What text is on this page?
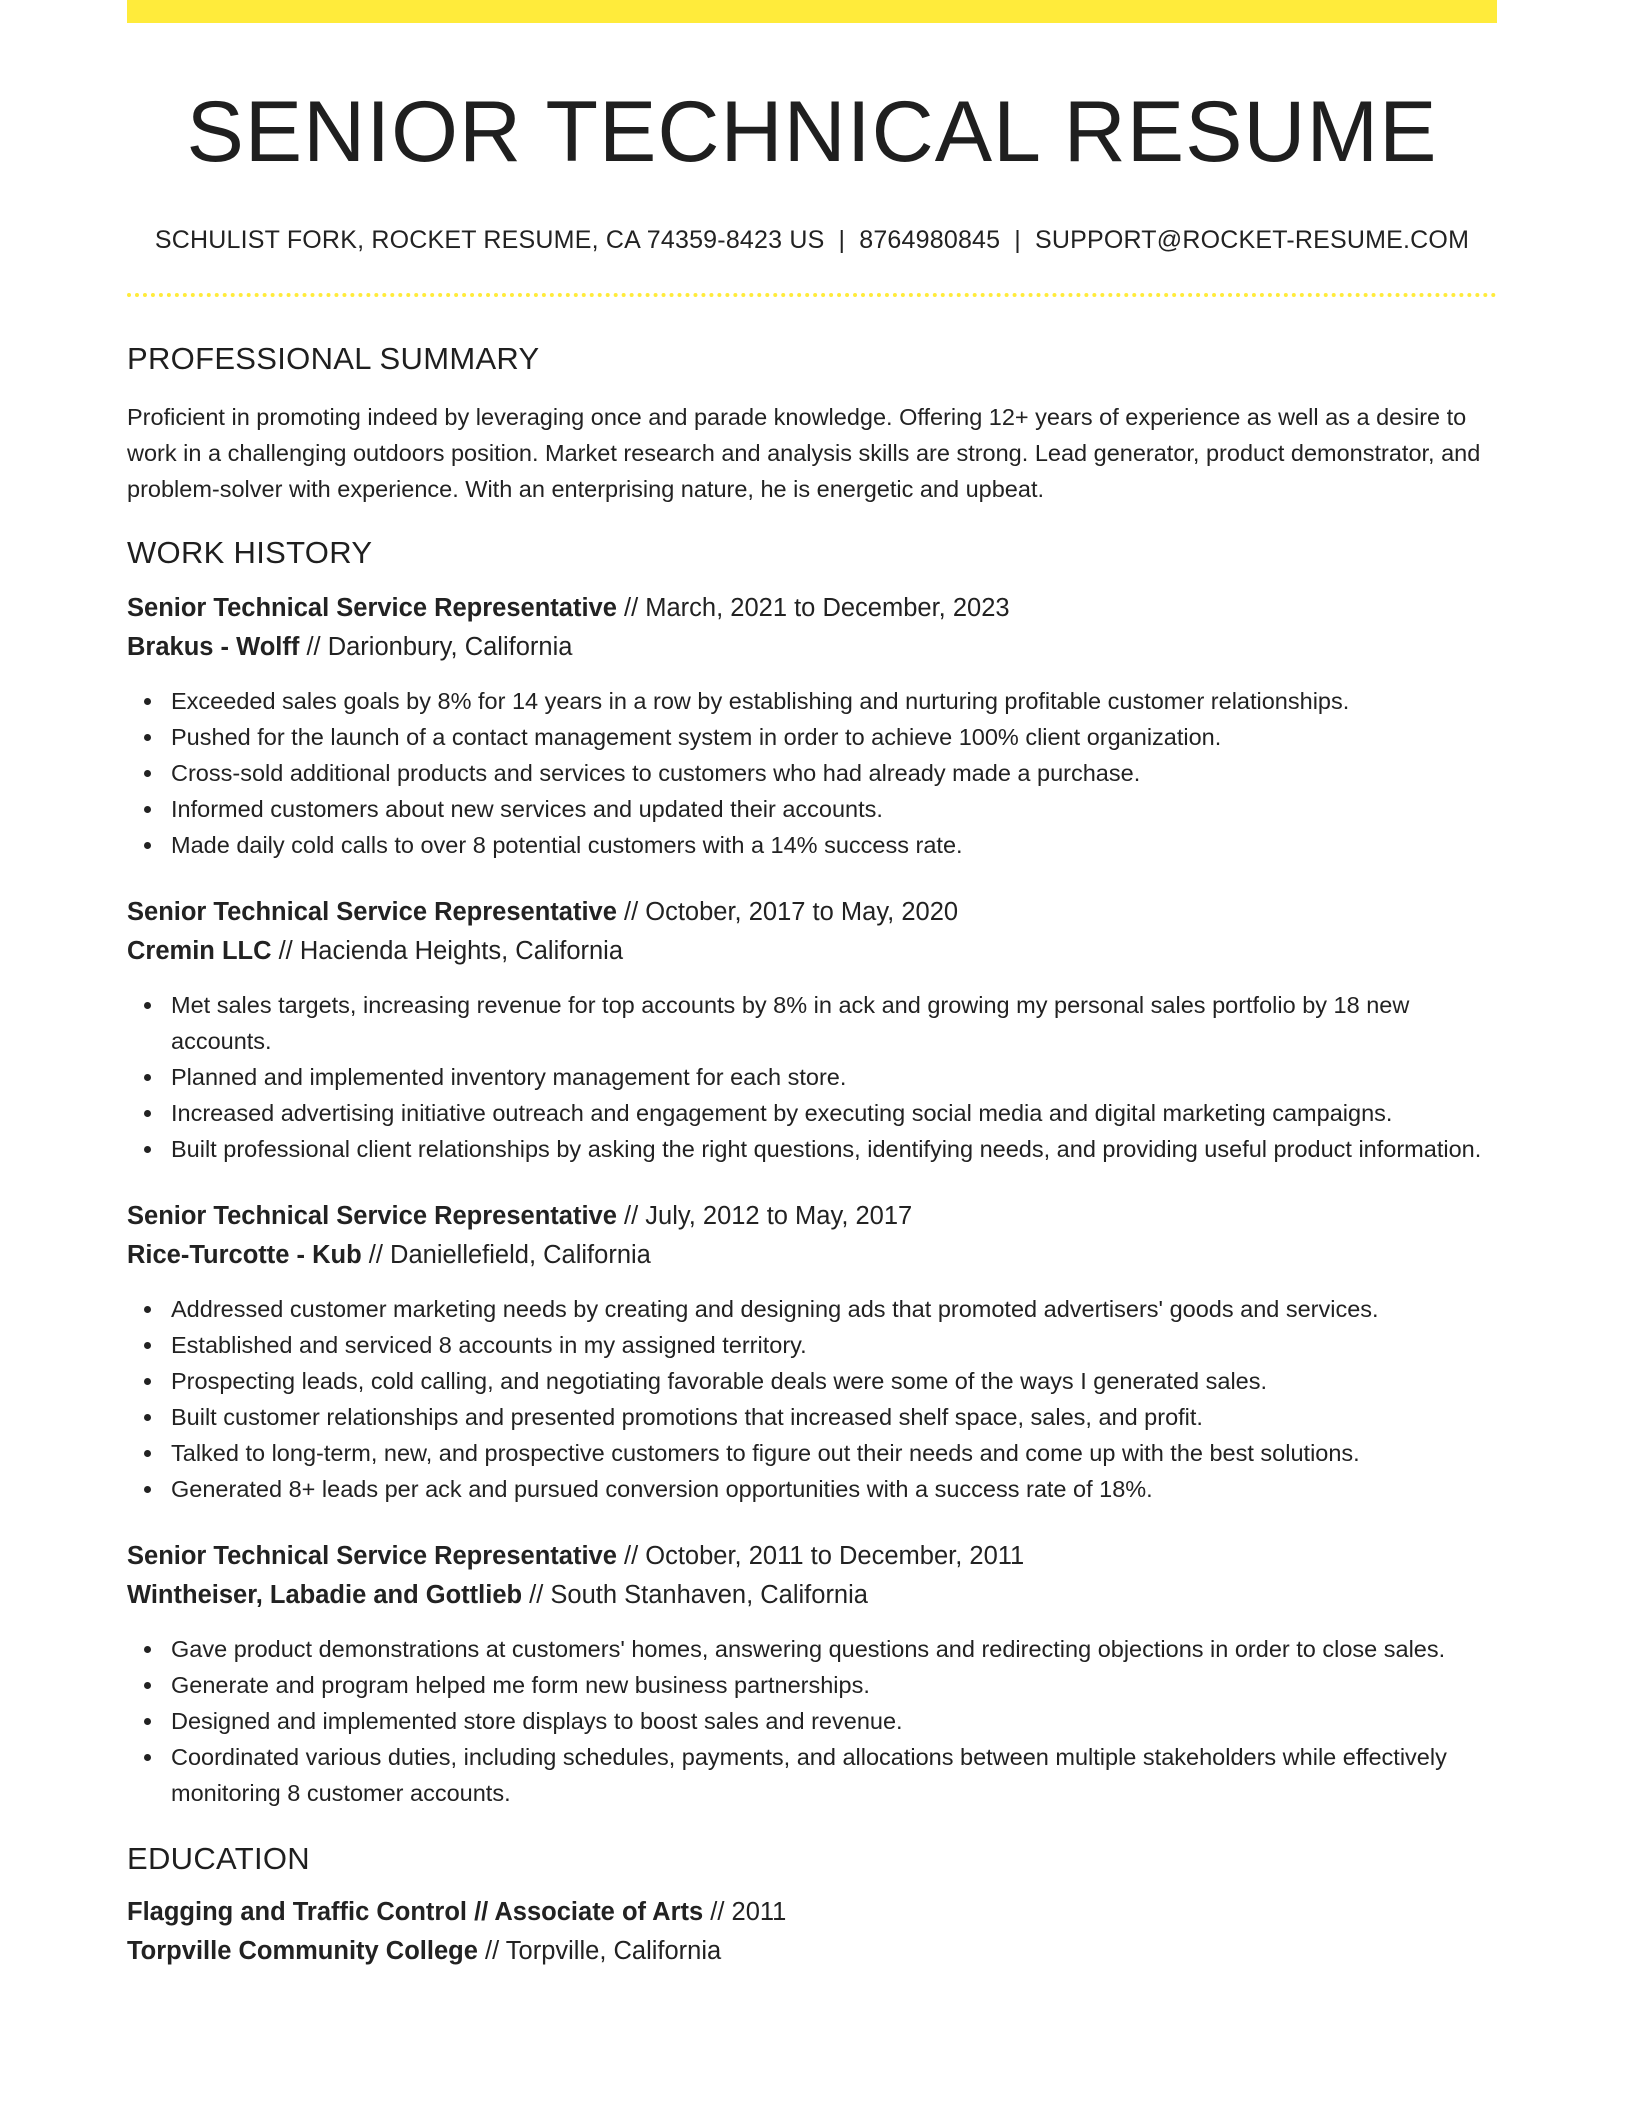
SENIOR TECHNICAL RESUME
SCHULIST FORK, ROCKET RESUME, CA 74359-8423 US | 8764980845 | SUPPORT@ROCKET-RESUME.COM
PROFESSIONAL SUMMARY

Proficient in promoting indeed by leveraging once and parade knowledge. Offering 12+ years of experience as well as a desire to work in a challenging outdoors position. Market research and analysis skills are strong. Lead generator, product demonstrator, and problem-solver with experience. With an enterprising nature, he is energetic and upbeat.

WORK HISTORY
Senior Technical Service Representative // March, 2021 to December, 2023
Brakus - Wolff // Darionbury, California
Exceeded sales goals by 8% for 14 years in a row by establishing and nurturing profitable customer relationships.
Pushed for the launch of a contact management system in order to achieve 100% client organization.
Cross-sold additional products and services to customers who had already made a purchase.
Informed customers about new services and updated their accounts.
Made daily cold calls to over 8 potential customers with a 14% success rate.
Senior Technical Service Representative // October, 2017 to May, 2020
Cremin LLC // Hacienda Heights, California
Met sales targets, increasing revenue for top accounts by 8% in ack and growing my personal sales portfolio by 18 new accounts.
Planned and implemented inventory management for each store.
Increased advertising initiative outreach and engagement by executing social media and digital marketing campaigns.
Built professional client relationships by asking the right questions, identifying needs, and providing useful product information.
Senior Technical Service Representative // July, 2012 to May, 2017
Rice-Turcotte - Kub // Daniellefield, California
Addressed customer marketing needs by creating and designing ads that promoted advertisers' goods and services.
Established and serviced 8 accounts in my assigned territory.
Prospecting leads, cold calling, and negotiating favorable deals were some of the ways I generated sales.
Built customer relationships and presented promotions that increased shelf space, sales, and profit.
Talked to long-term, new, and prospective customers to figure out their needs and come up with the best solutions.
Generated 8+ leads per ack and pursued conversion opportunities with a success rate of 18%.
Senior Technical Service Representative // October, 2011 to December, 2011
Wintheiser, Labadie and Gottlieb // South Stanhaven, California
Gave product demonstrations at customers' homes, answering questions and redirecting objections in order to close sales.
Generate and program helped me form new business partnerships.
Designed and implemented store displays to boost sales and revenue.
Coordinated various duties, including schedules, payments, and allocations between multiple stakeholders while effectively monitoring 8 customer accounts.
EDUCATION
Flagging and Traffic Control // Associate of Arts // 2011
Torpville Community College // Torpville, California
